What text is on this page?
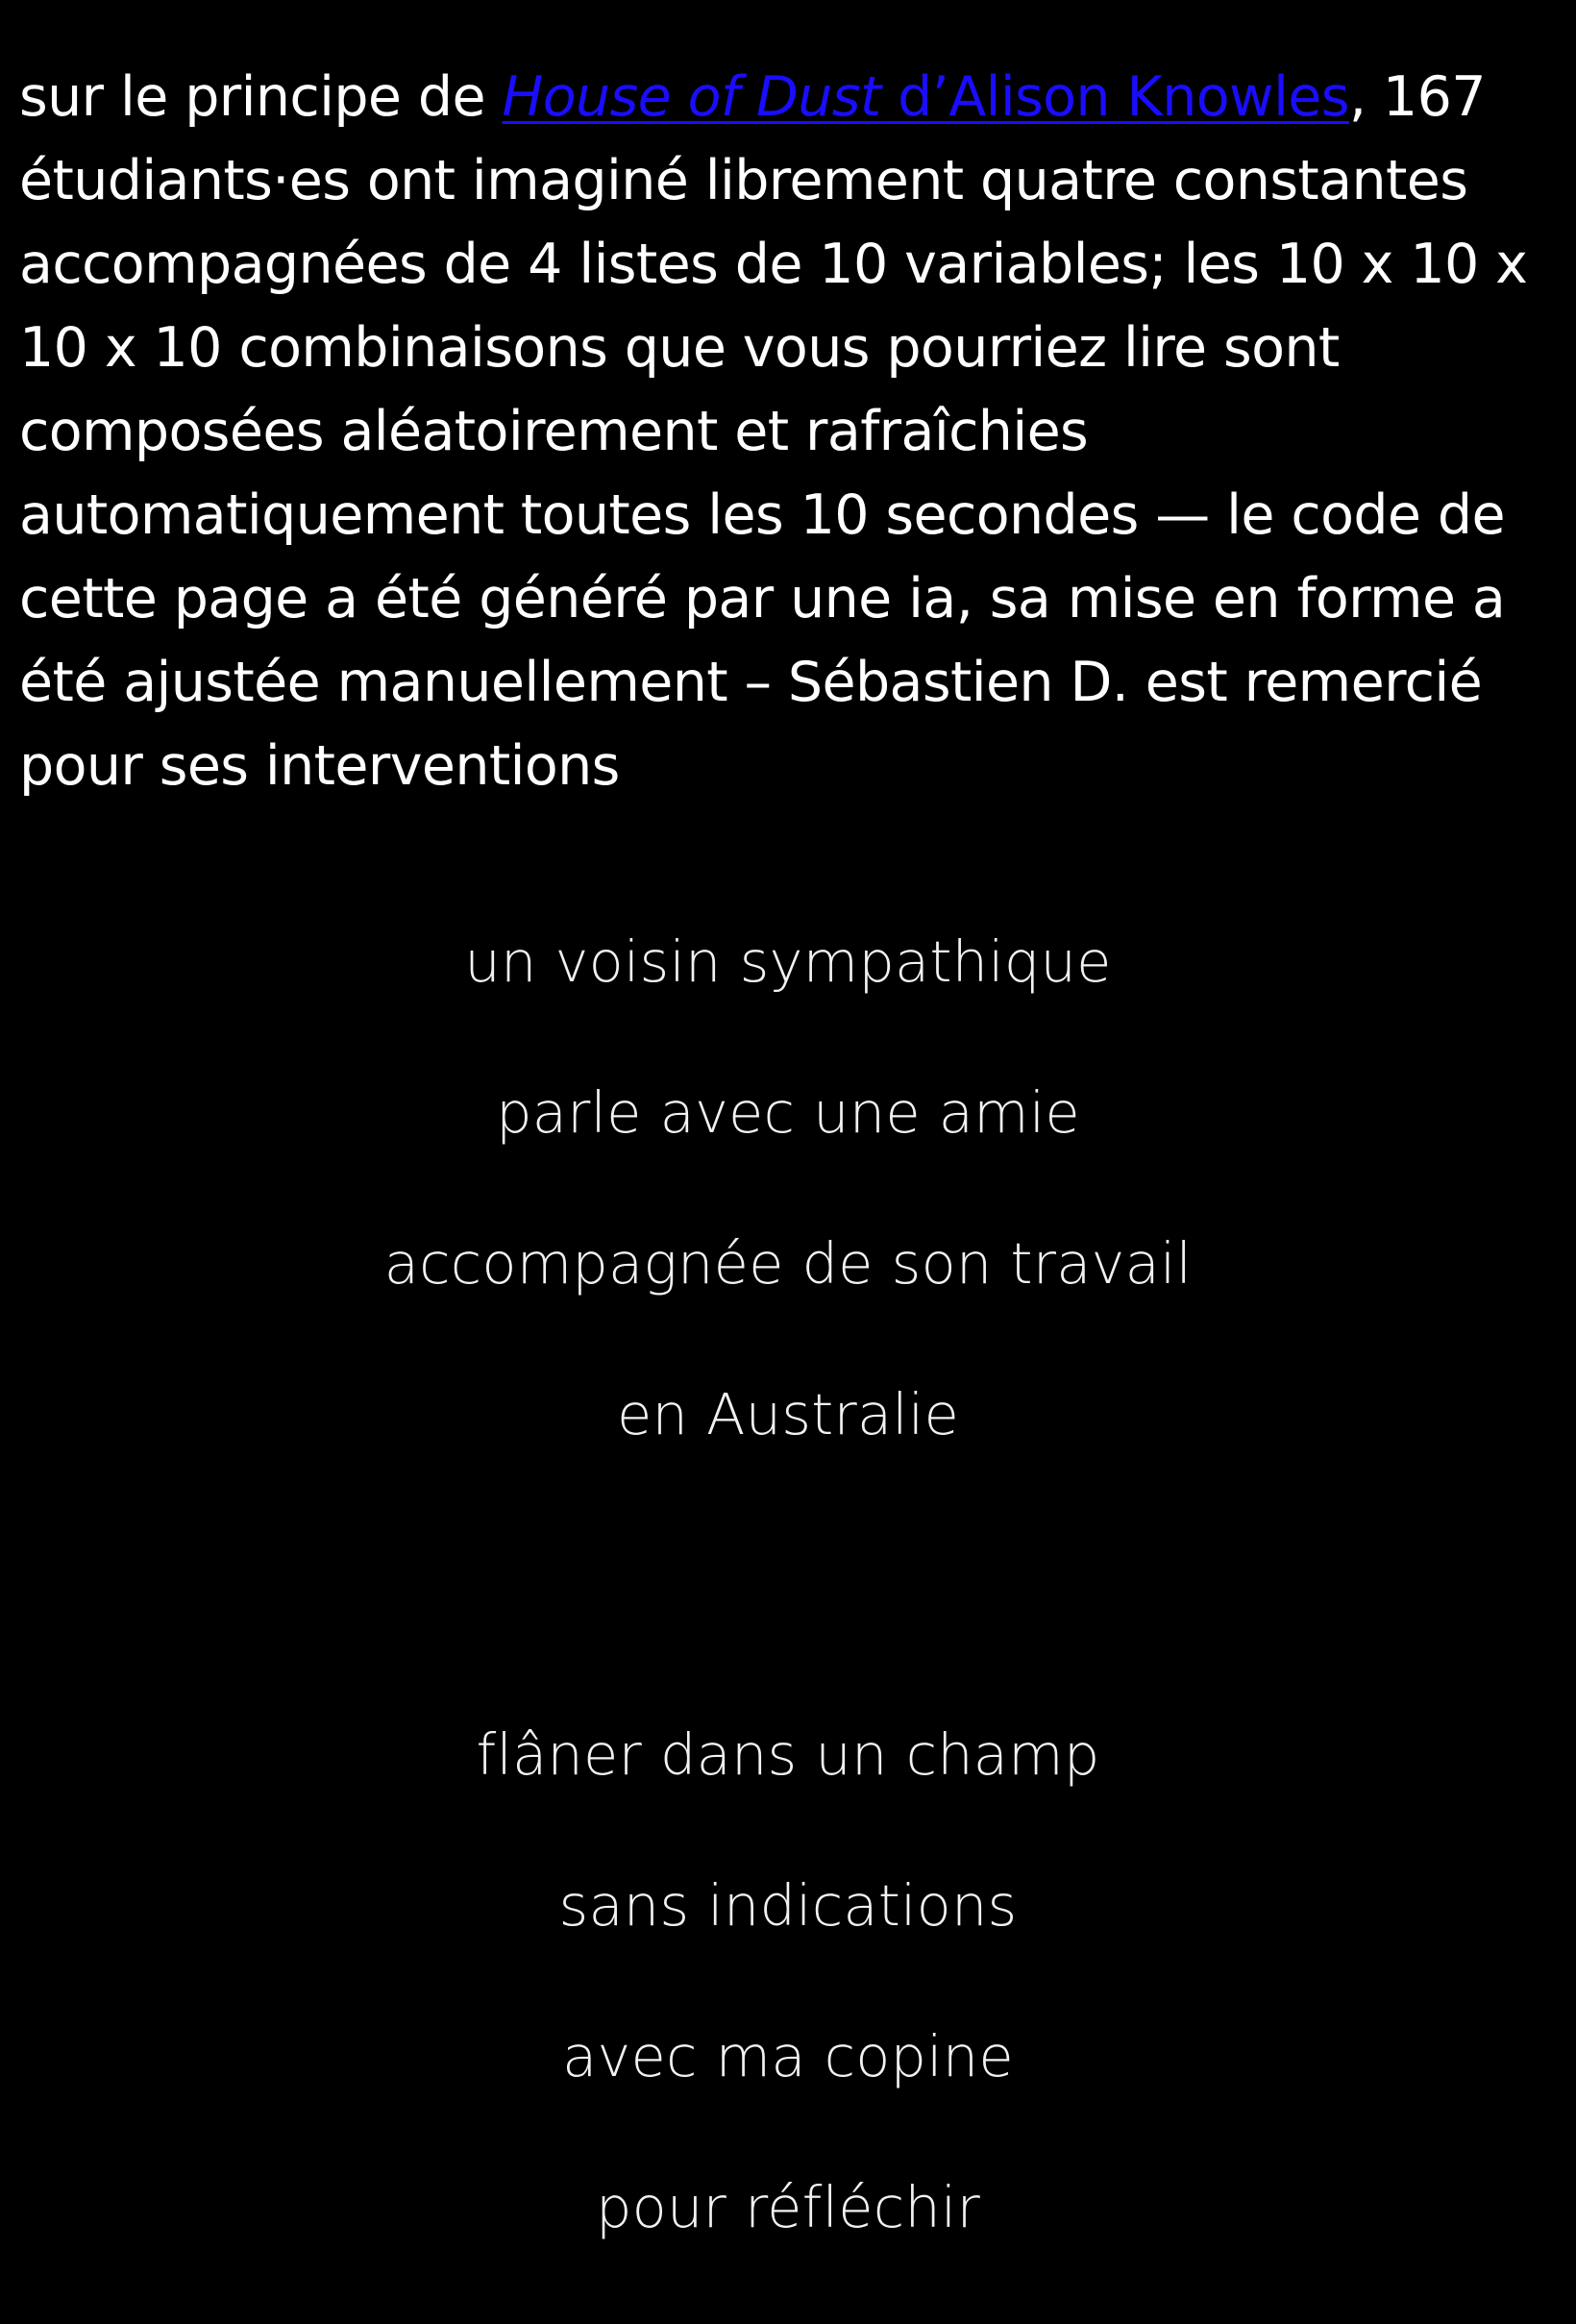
sur le principe de House of Dust d’Alison Knowles, 167 étudiants·es ont imaginé librement quatre constantes accompagnées de 4 listes de 10 variables; les 10 x 10 x 10 x 10 combinaisons que vous pourriez lire sont composées aléatoirement et rafraîchies automatiquement toutes les 10 secondes — le code de cette page a été généré par une ia, sa mise en forme a été ajustée manuellement – Sébastien D. est remercié pour ses interventions

un voisin sympathique
parle avec une amie
accompagnée de son travail
en Australie
flâner dans un champ
sans indications
avec ma copine
pour réfléchir
